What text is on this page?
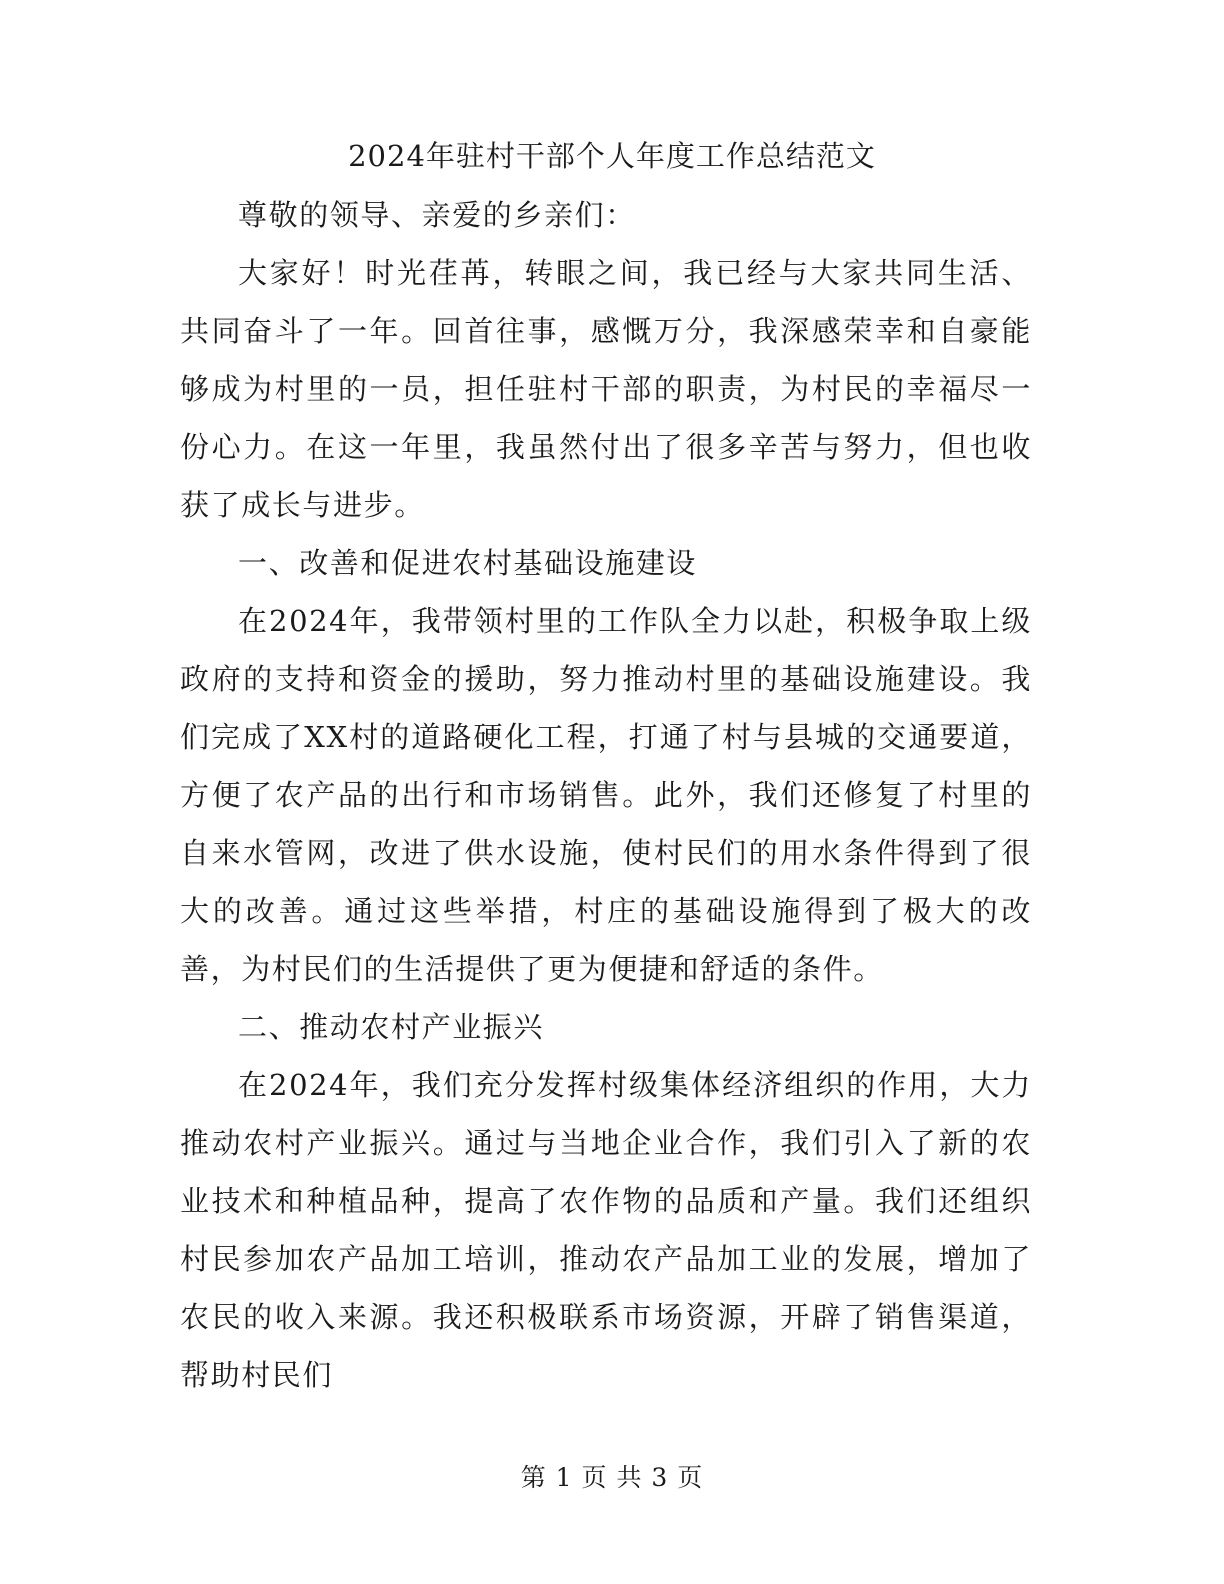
2024年驻村干部个人年度工作总结范文

尊敬的领导、亲爱的乡亲们：

大家好！时光荏苒，转眼之间，我已经与大家共同生活、共同奋斗了一年。回首往事，感慨万分，我深感荣幸和自豪能够成为村里的一员，担任驻村干部的职责，为村民的幸福尽一份心力。在这一年里，我虽然付出了很多辛苦与努力，但也收获了成长与进步。

一、改善和促进农村基础设施建设

在2024年，我带领村里的工作队全力以赴，积极争取上级政府的支持和资金的援助，努力推动村里的基础设施建设。我们完成了XX村的道路硬化工程，打通了村与县城的交通要道，方便了农产品的出行和市场销售。此外，我们还修复了村里的自来水管网，改进了供水设施，使村民们的用水条件得到了很大的改善。通过这些举措，村庄的基础设施得到了极大的改善，为村民们的生活提供了更为便捷和舒适的条件。

二、推动农村产业振兴

在2024年，我们充分发挥村级集体经济组织的作用，大力推动农村产业振兴。通过与当地企业合作，我们引入了新的农业技术和种植品种，提高了农作物的品质和产量。我们还组织村民参加农产品加工培训，推动农产品加工业的发展，增加了农民的收入来源。我还积极联系市场资源，开辟了销售渠道，帮助村民们

第 1 页 共 3 页
